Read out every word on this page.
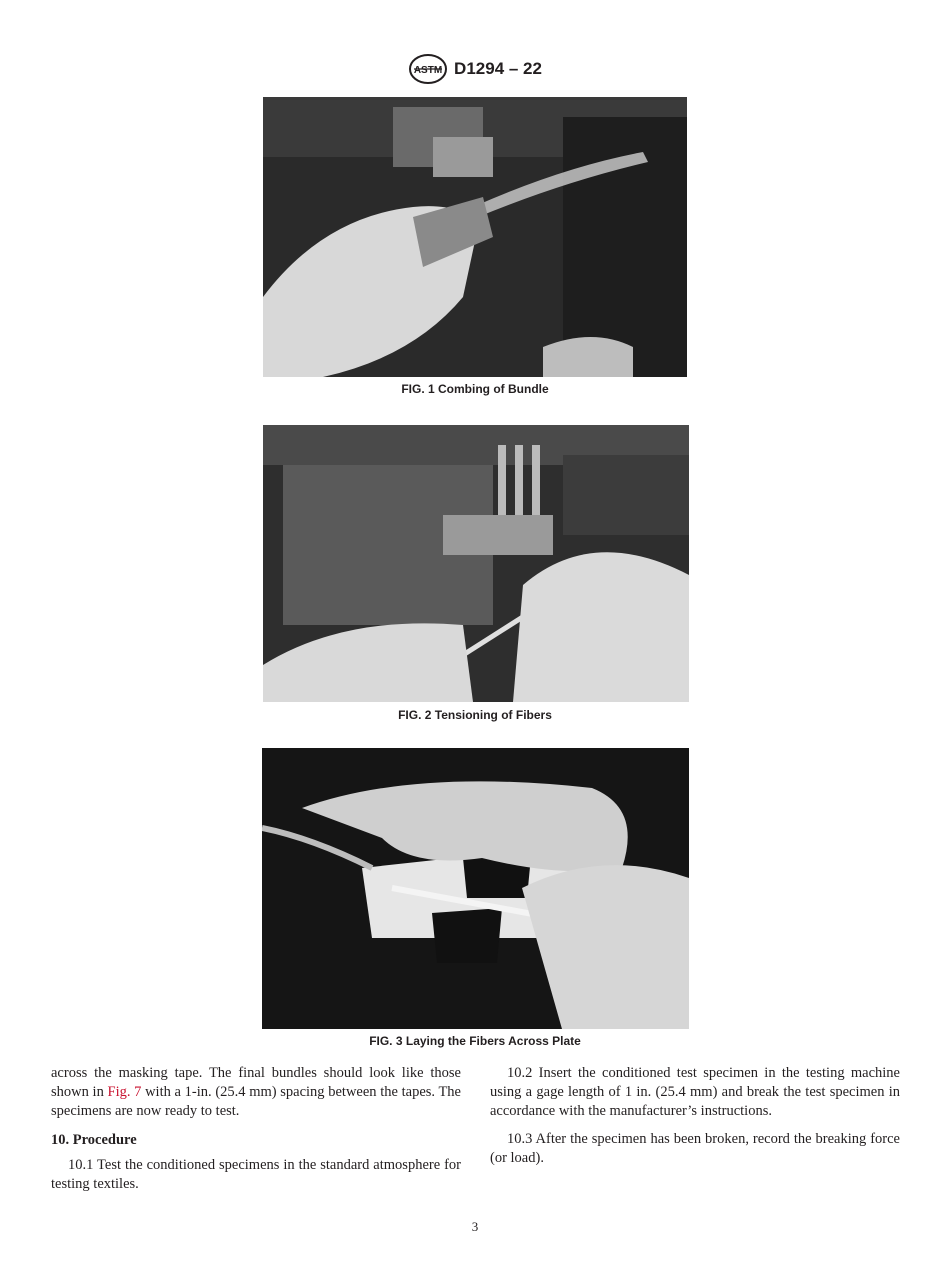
ASTM D1294 – 22
FIG. 1 Combing of Bundle
FIG. 2 Tensioning of Fibers
FIG. 3 Laying the Fibers Across Plate

across the masking tape. The final bundles should look like those shown in Fig. 7 with a 1-in. (25.4 mm) spacing between the tapes. The specimens are now ready to test.

10. Procedure

10.1 Test the conditioned specimens in the standard atmosphere for testing textiles.

10.2 Insert the conditioned test specimen in the testing machine using a gage length of 1 in. (25.4 mm) and break the test specimen in accordance with the manufacturer’s instructions.

10.3 After the specimen has been broken, record the breaking force (or load).

3
